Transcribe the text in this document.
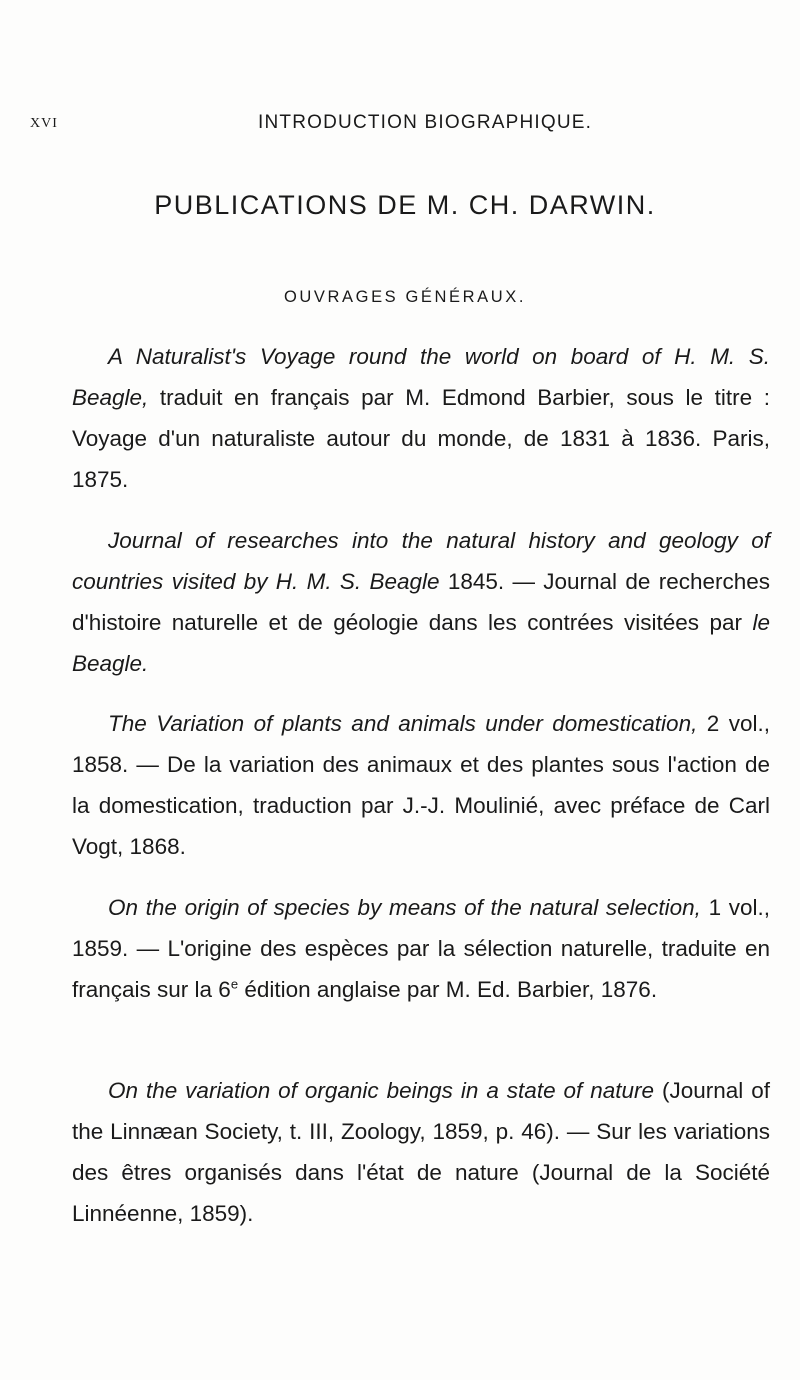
XVI	INTRODUCTION BIOGRAPHIQUE.
PUBLICATIONS DE M. CH. DARWIN.
OUVRAGES GÉNÉRAUX.

A Naturalist's Voyage round the world on board of H. M. S. Beagle, traduit en français par M. Edmond Barbier, sous le titre : Voyage d'un naturaliste autour du monde, de 1831 à 1836. Paris, 1875.

Journal of researches into the natural history and geology of countries visited by H. M. S. Beagle 1845. — Journal de recherches d'histoire naturelle et de géologie dans les contrées visitées par le Beagle.

The Variation of plants and animals under domestication, 2 vol., 1858. — De la variation des animaux et des plantes sous l'action de la domestication, traduction par J.-J. Moulinié, avec préface de Carl Vogt, 1868.

On the origin of species by means of the natural selection, 1 vol., 1859. — L'origine des espèces par la sélection naturelle, traduite en français sur la 6e édition anglaise par M. Ed. Barbier, 1876.

On the variation of organic beings in a state of nature (Journal of the Linnæan Society, t. III, Zoology, 1859, p. 46). — Sur les variations des êtres organisés dans l'état de nature (Journal de la Société Linnéenne, 1859).
